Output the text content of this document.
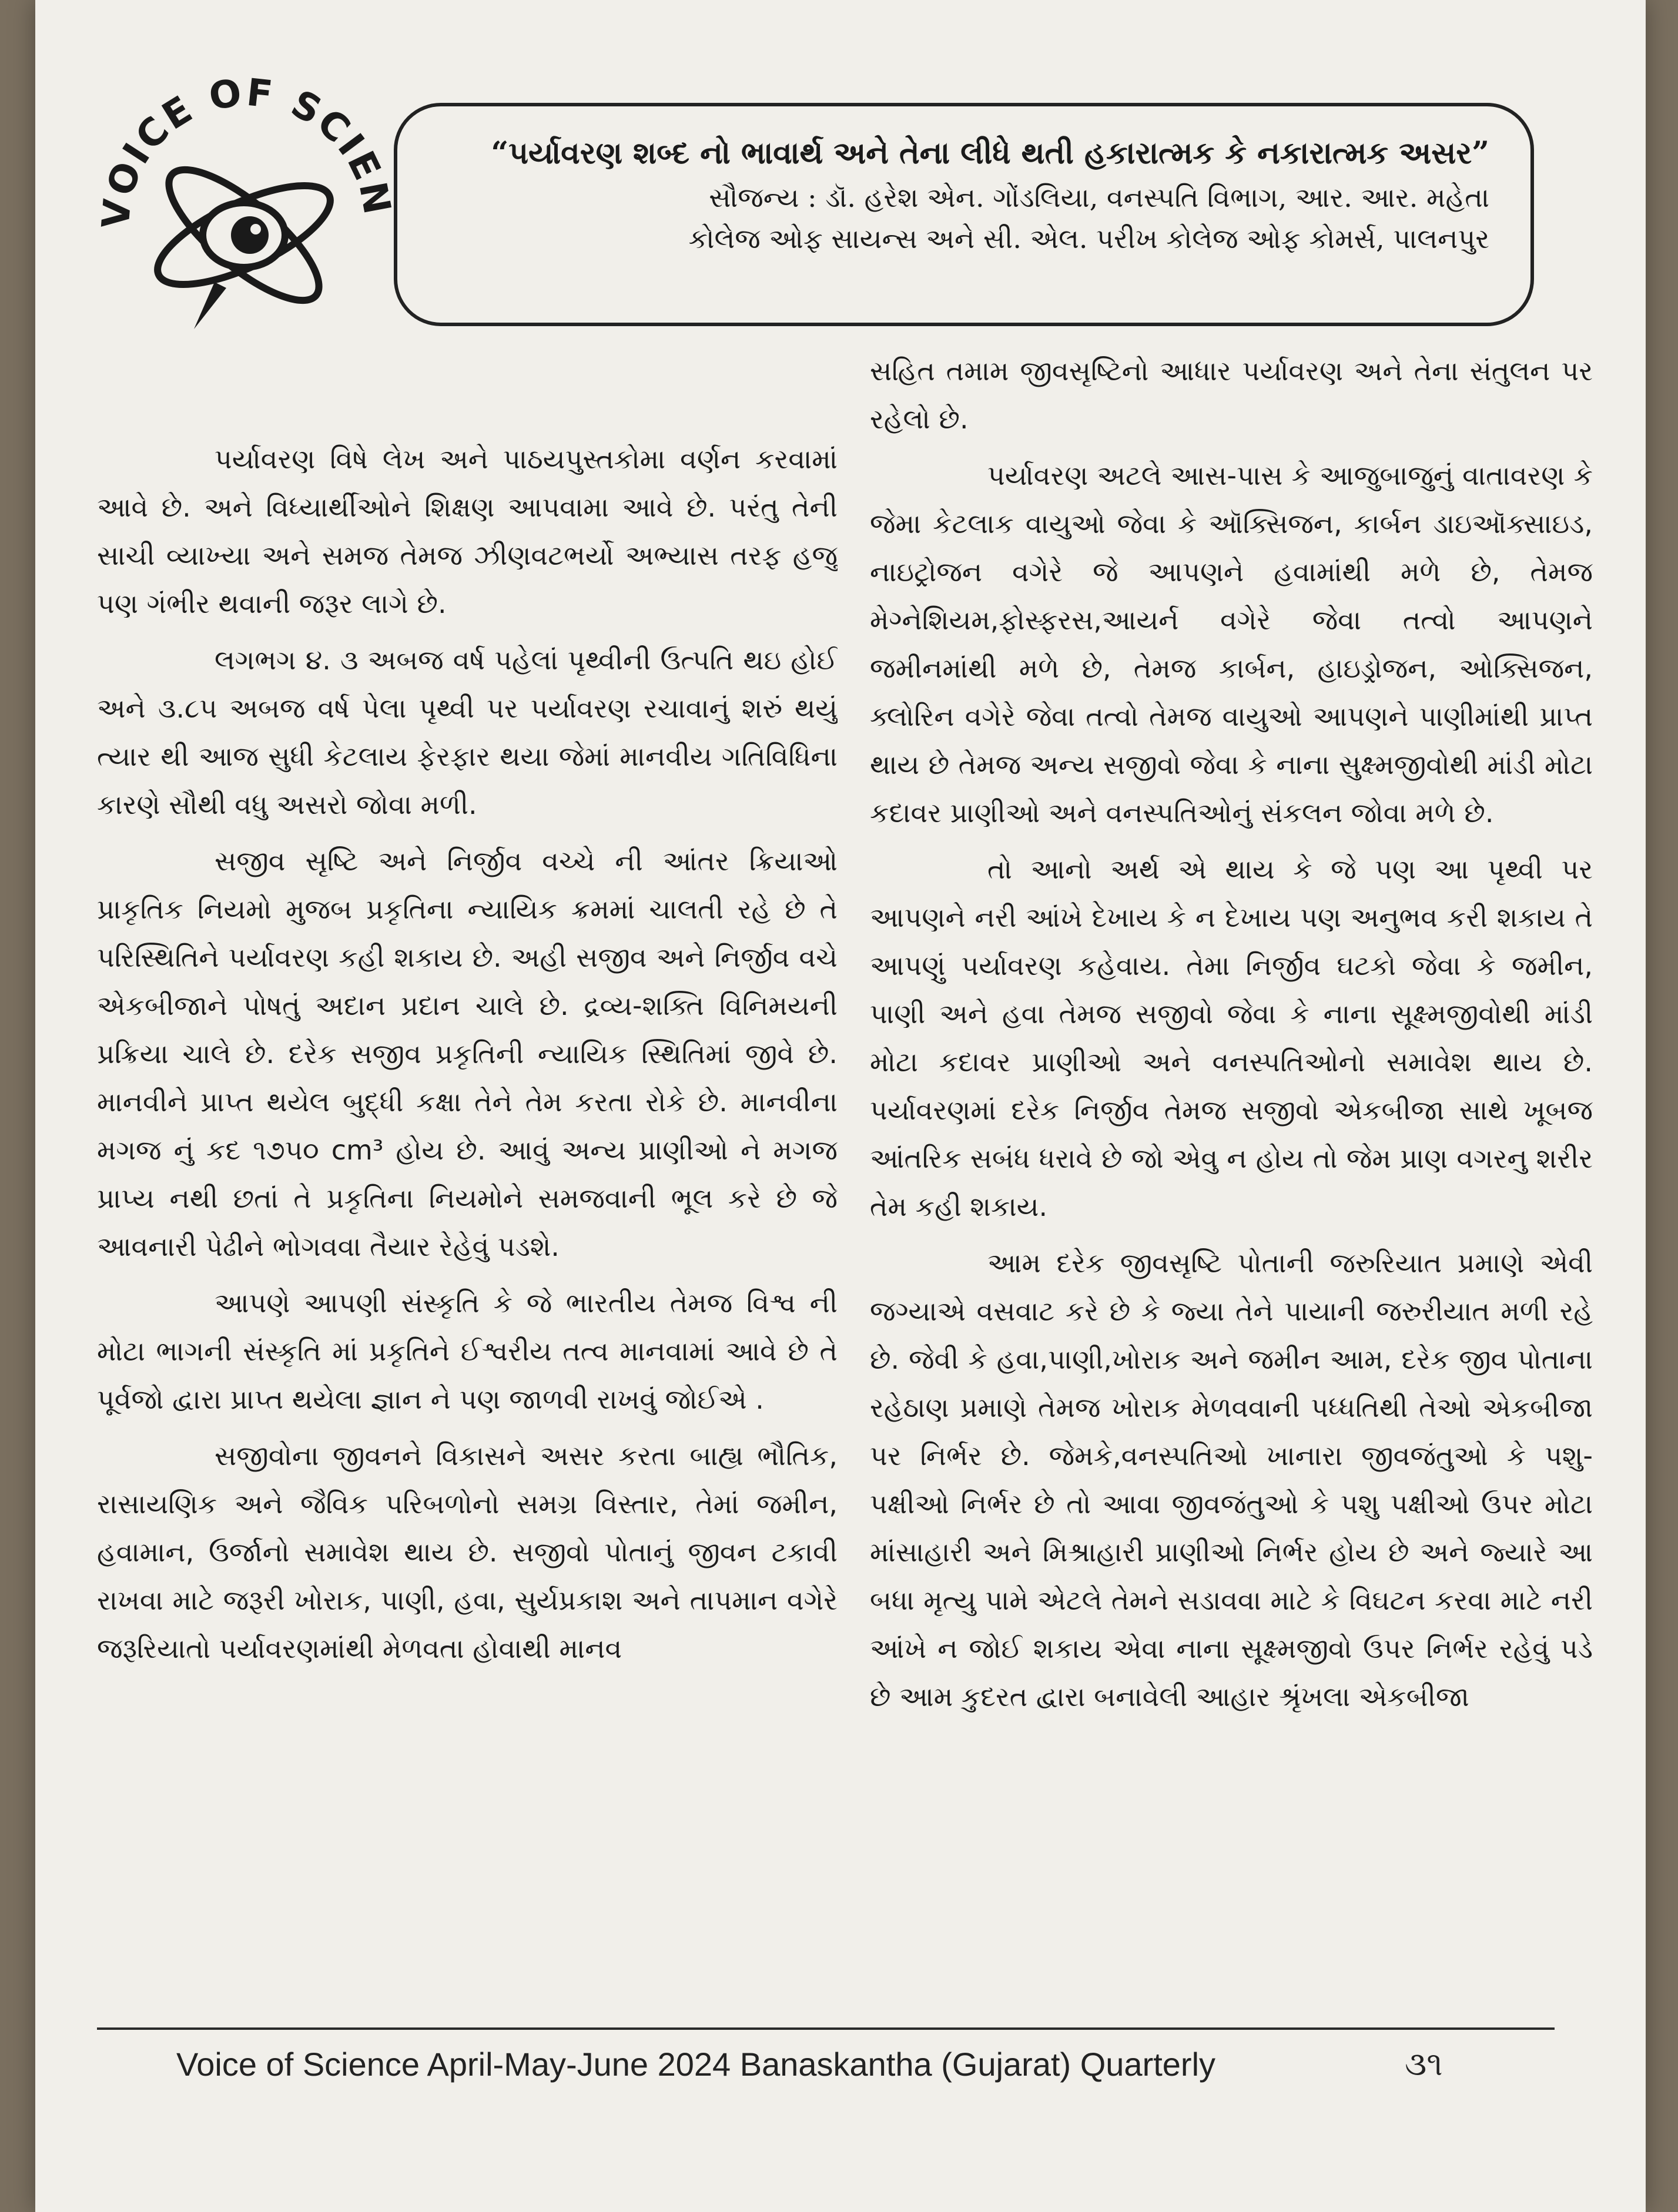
VOICE OF SCIE	“પર્યાવરણ શબ્દ નો ભાવાર્થ અને તેના લીધે થતી હકારાત્મક કે નકારાત્મક અસર”
સૌજન્ય : ડૉ. હરેશ એન. ગોંડલિયા, વનસ્પતિ વિભાગ, આર. આર. મહેતા
કોલેજ ઓફ સાયન્સ અને સી. એલ. પરીખ કોલેજ ઓફ કોમર્સ, પાલનપુર

પર્યાવરણ વિષે લેખ અને પાઠયપુસ્તકોમા વર્ણન કરવામાં આવે છે. અને વિધ્યાર્થીઓને શિક્ષણ આપવામા આવે છે. પરંતુ તેની સાચી વ્યાખ્યા અને સમજ તેમજ ઝીણવટભર્યો અભ્યાસ તરફ હજુ પણ ગંભીર થવાની જરૂર લાગે છે.

લગભગ ૪. ૩ અબજ વર્ષ પહેલાં પૃથ્વીની ઉત્પતિ થઇ હોઈ અને ૩.૮૫ અબજ વર્ષ પેલા પૃથ્વી પર પર્યાવરણ રચાવાનું શરું થયું ત્યાર થી આજ સુધી કેટલાય ફેરફાર થયા જેમાં માનવીય ગતિવિધિના કારણે સૌથી વધુ અસરો જોવા મળી.

સજીવ સૃષ્ટિ અને નિર્જીવ વચ્ચે ની આંતર ક્રિયાઓ પ્રાકૃતિક નિયમો મુજબ પ્રકૃતિના ન્યાયિક ક્રમમાં ચાલતી રહે છે તે પરિસ્થિતિને પર્યાવરણ કહી શકાય છે. અહી સજીવ અને નિર્જીવ વચે એકબીજાને પોષતું અદાન પ્રદાન ચાલે છે. દ્રવ્ય-શક્તિ વિનિમયની પ્રક્રિયા ચાલે છે. દરેક સજીવ પ્રકૃતિની ન્યાયિક સ્થિતિમાં જીવે છે. માનવીને પ્રાપ્ત થયેલ બુદ્ધી કક્ષા તેને તેમ કરતા રોકે છે. માનવીના મગજ નું કદ ૧૭૫૦ cm³ હોય છે. આવું અન્ય પ્રાણીઓ ને મગજ પ્રાપ્ય નથી છતાં તે પ્રકૃતિના નિયમોને સમજવાની ભૂલ કરે છે જે આવનારી પેઢીને ભોગવવા તૈયાર રેહેવું પડશે.

આપણે આપણી સંસ્કૃતિ કે જે ભારતીય તેમજ વિશ્વ ની મોટા ભાગની સંસ્કૃતિ માં પ્રકૃતિને ઈશ્વરીય તત્વ માનવામાં આવે છે તે પૂર્વજો દ્વારા પ્રાપ્ત થયેલા જ્ઞાન ને પણ જાળવી રાખવું જોઈએ .

સજીવોના જીવનને વિકાસને અસર કરતા બાહ્ય ભૌતિક, રાસાયણિક અને જૈવિક પરિબળોનો સમગ્ર વિસ્તાર, તેમાં જમીન, હવામાન, ઉર્જાનો સમાવેશ થાય છે. સજીવો પોતાનું જીવન ટકાવી રાખવા માટે જરૂરી ખોરાક, પાણી, હવા, સુર્યપ્રકાશ અને તાપમાન વગેરે જરૂરિયાતો પર્યાવરણમાંથી મેળવતા હોવાથી માનવ

સહિત તમામ જીવસૃષ્ટિનો આધાર પર્યાવરણ અને તેના સંતુલન પર રહેલો છે.

પર્યાવરણ અટલે આસ-પાસ કે આજુબાજુનું વાતાવરણ કે જેમા કેટલાક વાયુઓ જેવા કે ઑક્સિજન, કાર્બન ડાઇઑક્સાઇડ, નાઇટ્રોજન વગેરે જે આપણને હવામાંથી મળે છે, તેમજ મેગ્નેશિયમ,ફોસ્ફરસ,આયર્ન વગેરે જેવા તત્વો આપણને જમીનમાંથી મળે છે, તેમજ કાર્બન, હાઇડ્રોજન, ઓક્સિજન, ક્લોરિન વગેરે જેવા તત્વો તેમજ વાયુઓ આપણને પાણીમાંથી પ્રાપ્ત થાય છે તેમજ અન્ય સજીવો જેવા કે નાના સુક્ષ્મજીવોથી માંડી મોટા કદાવર પ્રાણીઓ અને વનસ્પતિઓનું સંકલન જોવા મળે છે.

તો આનો અર્થ એ થાય કે જે પણ આ પૃથ્વી પર આપણને નરી આંખે દેખાય કે ન દેખાય પણ અનુભવ કરી શકાય તે આપણું પર્યાવરણ કહેવાય. તેમા નિર્જીવ ઘટકો જેવા કે જમીન, પાણી અને હવા તેમજ સજીવો જેવા કે નાના સૂક્ષ્મજીવોથી માંડી મોટા કદાવર પ્રાણીઓ અને વનસ્પતિઓનો સમાવેશ થાય છે. પર્યાવરણમાં દરેક નિર્જીવ તેમજ સજીવો એકબીજા સાથે ખૂબજ આંતરિક સબંધ ધરાવે છે જો એવુ ન હોય તો જેમ પ્રાણ વગરનુ શરીર તેમ કહી શકાય.

આમ દરેક જીવસૃષ્ટિ પોતાની જરુરિયાત પ્રમાણે એવી જગ્યાએ વસવાટ કરે છે કે જ્યા તેને પાયાની જરુરીયાત મળી રહે છે. જેવી કે હવા,પાણી,ખોરાક અને જમીન આમ, દરેક જીવ પોતાના રહેઠાણ પ્રમાણે તેમજ ખોરાક મેળવવાની પધ્ધતિથી તેઓ એકબીજા પર નિર્ભર છે. જેમકે,વનસ્પતિઓ ખાનારા જીવજંતુઓ કે પશુ-પક્ષીઓ નિર્ભર છે તો આવા જીવજંતુઓ કે પશુ પક્ષીઓ ઉપર મોટા માંસાહારી અને મિશ્રાહારી પ્રાણીઓ નિર્ભર હોય છે અને જ્યારે આ બધા મૃત્યુ પામે એટલે તેમને સડાવવા માટે કે વિઘટન કરવા માટે નરી આંખે ન જોઈ શકાય એવા નાના સૂક્ષ્મજીવો ઉપર નિર્ભર રહેવું પડે છે આમ કુદરત દ્વારા બનાવેલી આહાર શ્રૃંખલા એકબીજા

Voice of Science April-May-June 2024 Banaskantha (Gujarat) Quarterly	૩૧
